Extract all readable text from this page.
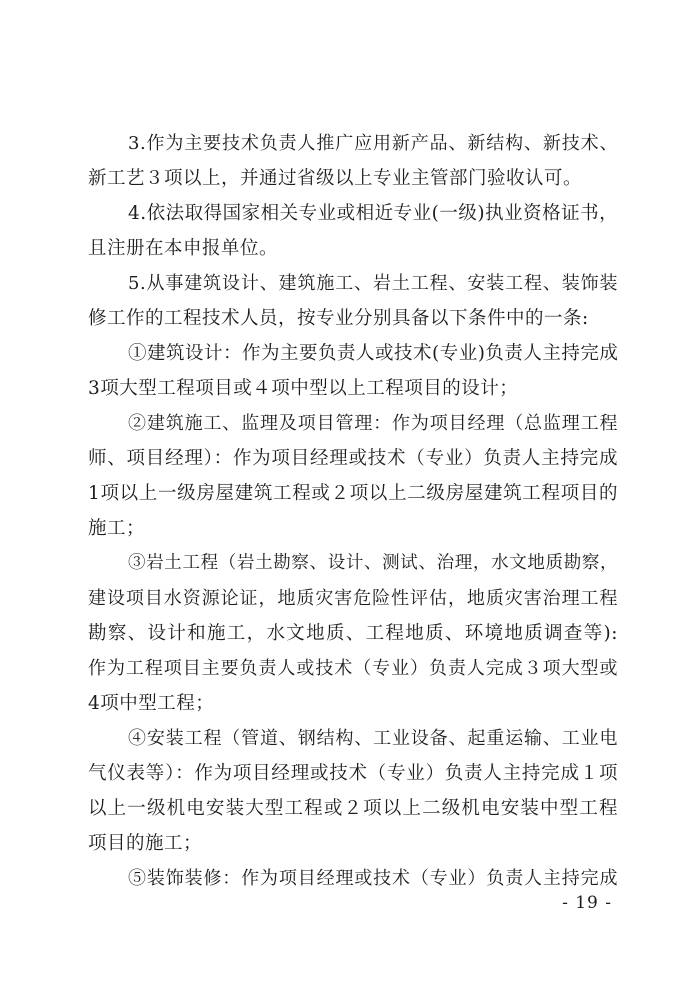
3.作为主要技术负责人推广应用新产品、新结构、新技术、
新工艺３项以上，并通过省级以上专业主管部门验收认可。
4.依法取得国家相关专业或相近专业(一级)执业资格证书，
且注册在本申报单位。
5.从事建筑设计、建筑施工、岩土工程、安装工程、装饰装
修工作的工程技术人员，按专业分别具备以下条件中的一条:
①建筑设计：作为主要负责人或技术(专业)负责人主持完成
3项大型工程项目或４项中型以上工程项目的设计；
②建筑施工、监理及项目管理：作为项目经理（总监理工程
师、项目经理）：作为项目经理或技术（专业）负责人主持完成
1项以上一级房屋建筑工程或２项以上二级房屋建筑工程项目的
施工；
③岩土工程（岩土勘察、设计、测试、治理，水文地质勘察，
建设项目水资源论证，地质灾害危险性评估，地质灾害治理工程
勘察、设计和施工，水文地质、工程地质、环境地质调查等):
作为工程项目主要负责人或技术（专业）负责人完成３项大型或
4项中型工程；
④安装工程（管道、钢结构、工业设备、起重运输、工业电
气仪表等）：作为项目经理或技术（专业）负责人主持完成１项
以上一级机电安装大型工程或２项以上二级机电安装中型工程
项目的施工；
⑤装饰装修：作为项目经理或技术（专业）负责人主持完成
- 19 -
